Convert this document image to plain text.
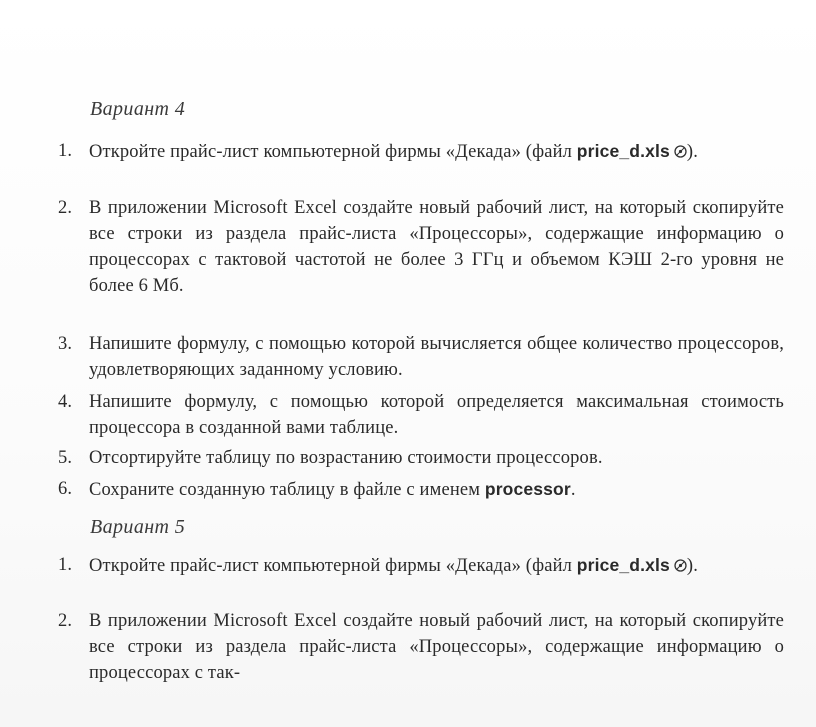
Вариант 4
1. Откройте прайс-лист компьютерной фирмы «Декада» (файл price_d.xls ).
2. В приложении Microsoft Excel создайте новый рабочий лист, на который скопируйте все строки из раздела прайс-листа «Процессоры», содержащие информацию о процессорах с тактовой частотой не более 3 ГГц и объемом КЭШ 2-го уровня не более 6 Мб.
3. Напишите формулу, с помощью которой вычисляется общее количество процессоров, удовлетворяющих заданному условию.
4. Напишите формулу, с помощью которой определяется максимальная стоимость процессора в созданной вами таблице.
5. Отсортируйте таблицу по возрастанию стоимости процессоров.
6. Сохраните созданную таблицу в файле с именем processor.
Вариант 5
1. Откройте прайс-лист компьютерной фирмы «Декада» (файл price_d.xls ).
2. В приложении Microsoft Excel создайте новый рабочий лист, на который скопируйте все строки из раздела прайс-листа «Процессоры», содержащие информацию о процессорах с так-
